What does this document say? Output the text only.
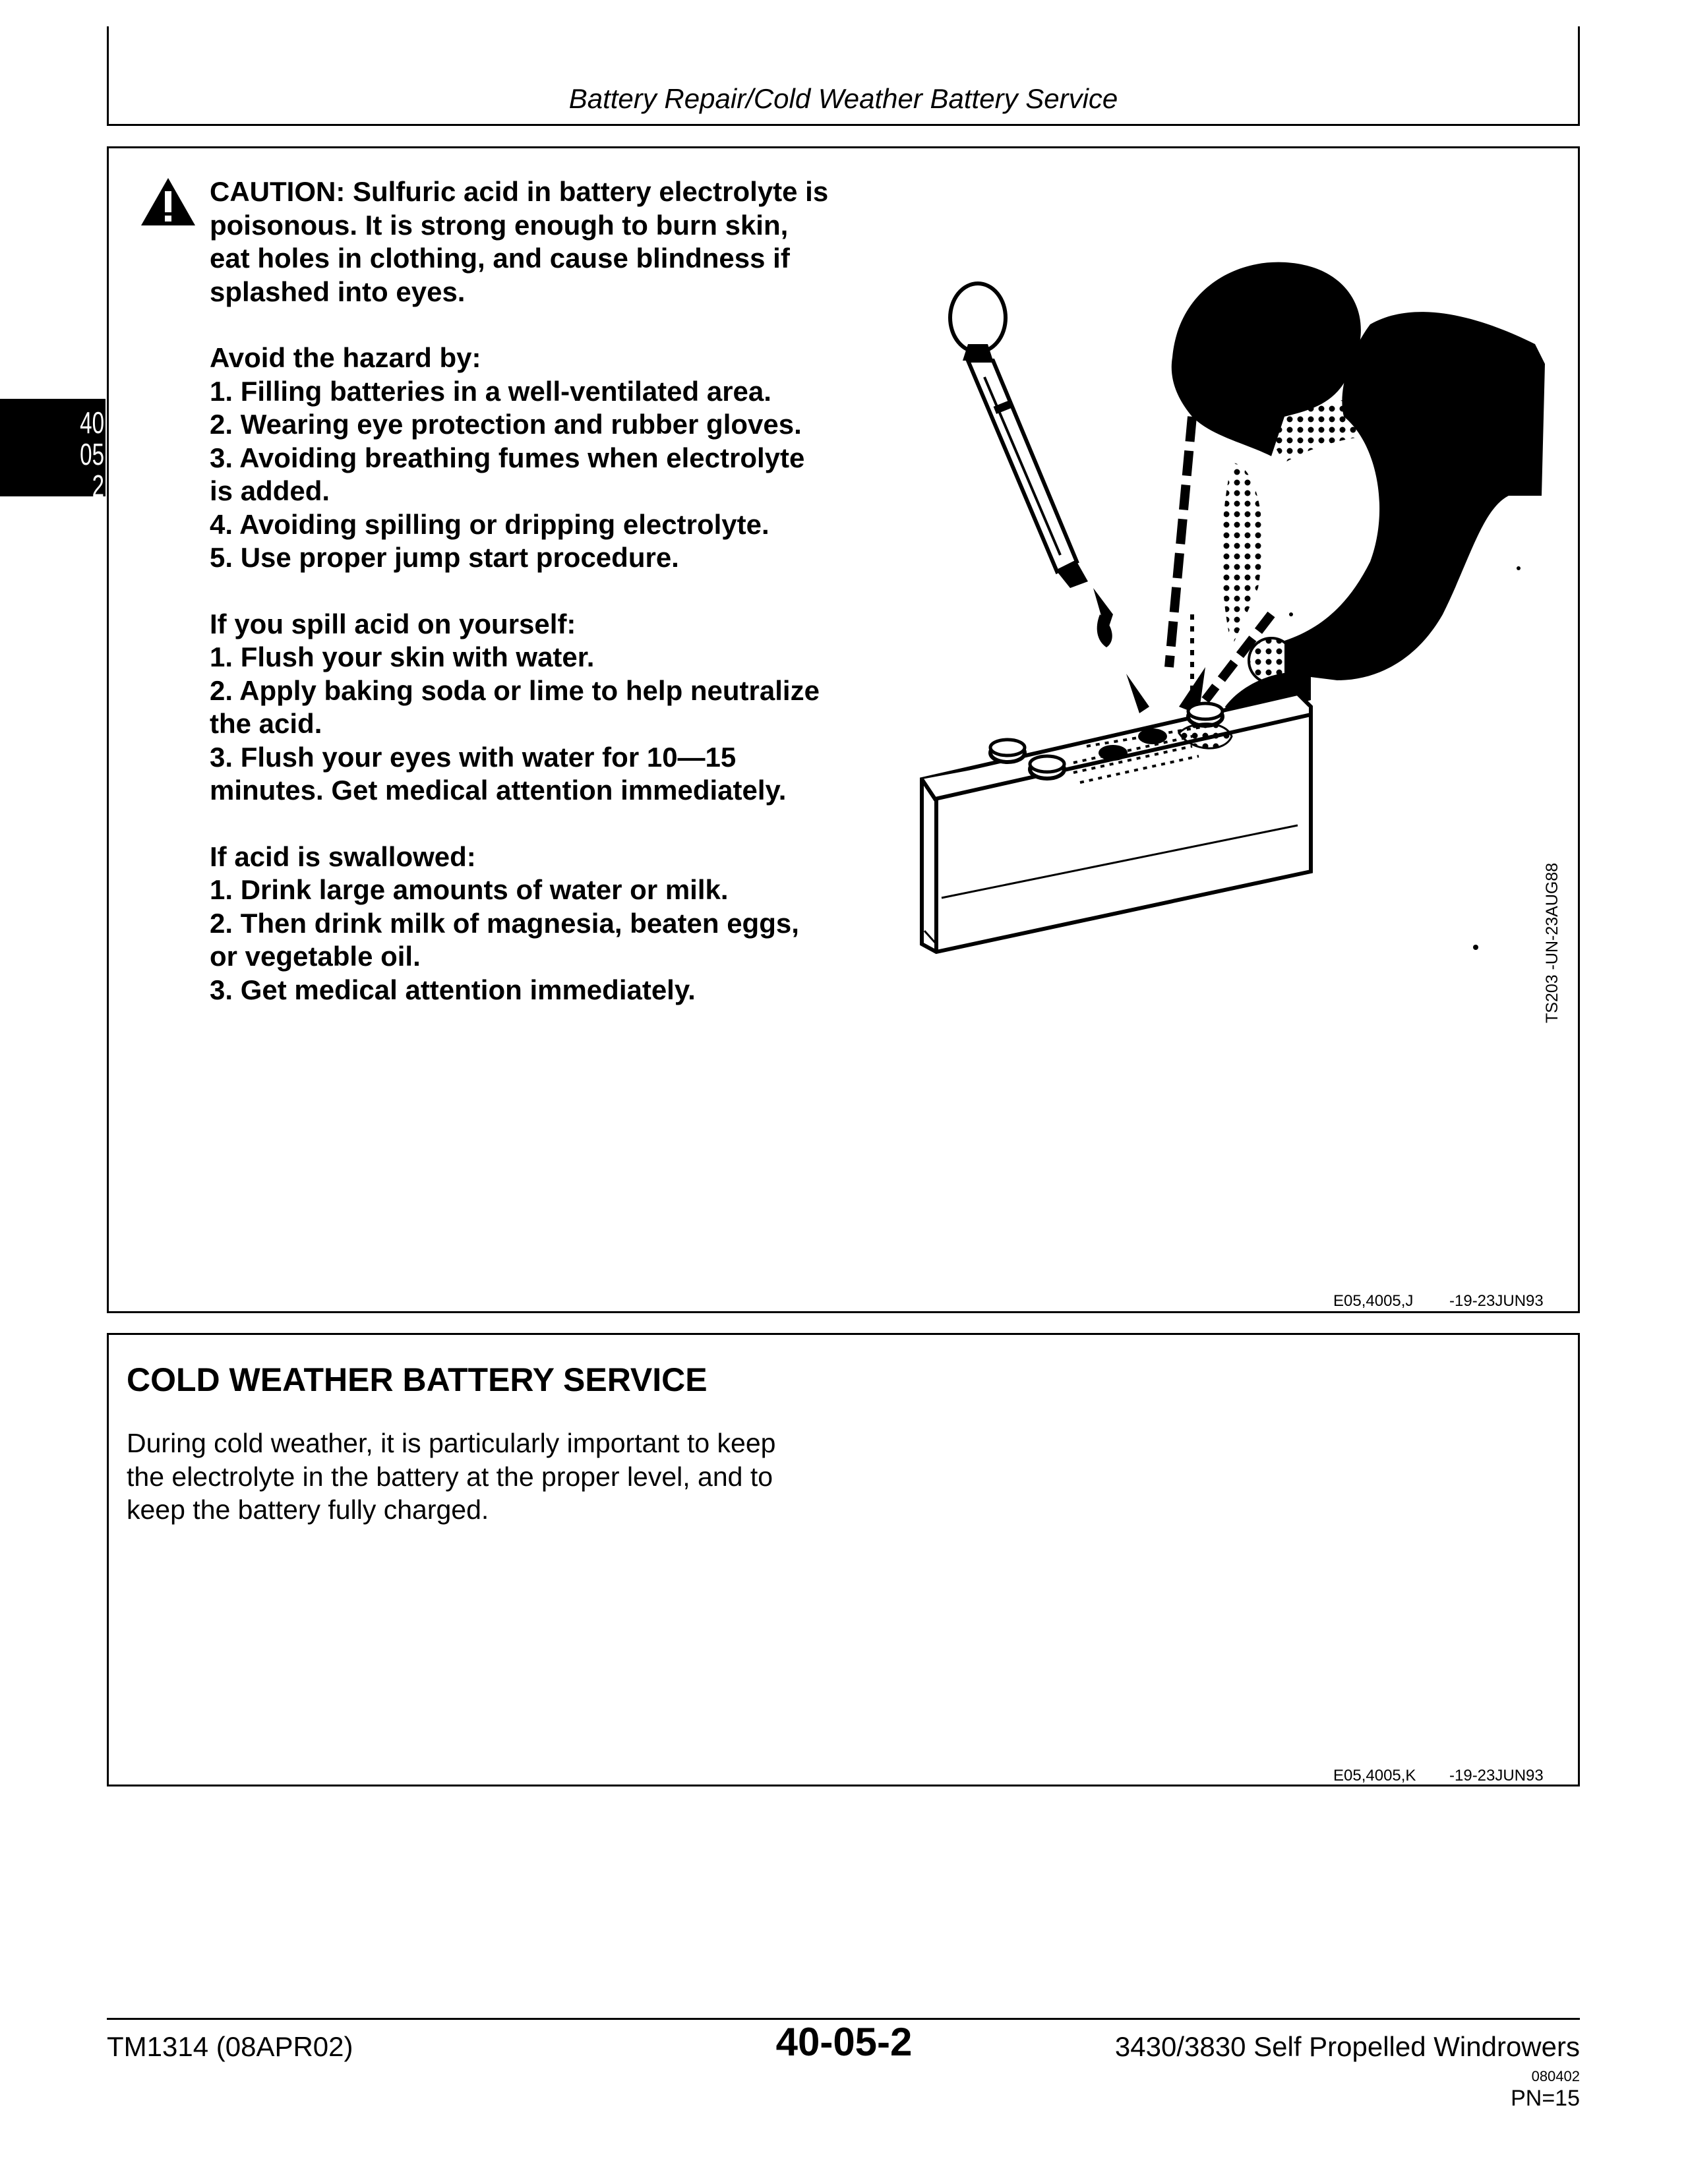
Battery Repair/Cold Weather Battery Service
40
05
2

CAUTION: Sulfuric acid in battery electrolyte is

poisonous. It is strong enough to burn skin,

eat holes in clothing, and cause blindness if

splashed into eyes.

Avoid the hazard by:

1. Filling batteries in a well-ventilated area.

2. Wearing eye protection and rubber gloves.

3. Avoiding breathing fumes when electrolyte

is added.

4. Avoiding spilling or dripping electrolyte.

5. Use proper jump start procedure.

If you spill acid on yourself:

1. Flush your skin with water.

2. Apply baking soda or lime to help neutralize

the acid.

3. Flush your eyes with water for 10—15

minutes. Get medical attention immediately.

If acid is swallowed:

1. Drink large amounts of water or milk.

2. Then drink milk of magnesia, beaten eggs,

or vegetable oil.

3. Get medical attention immediately.

✱
TS203 -UN-23AUG88
E05,4005,J -19-23JUN93
COLD WEATHER BATTERY SERVICE
During cold weather, it is particularly important to keep
the electrolyte in the battery at the proper level, and to
keep the battery fully charged.
E05,4005,K -19-23JUN93
TM1314 (08APR02)	40-05-2	3430/3830 Self Propelled Windrowers
080402
PN=15
